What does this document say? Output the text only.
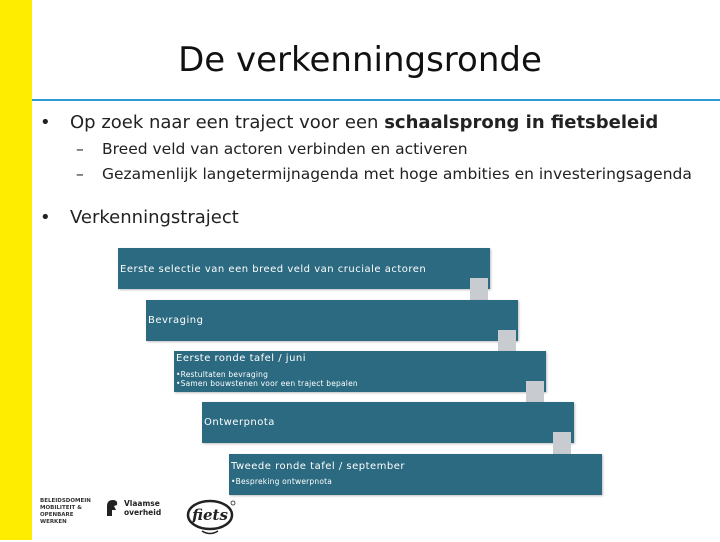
De verkenningsronde
• Op zoek naar een traject voor een schaalsprong in fietsbeleid
– Breed veld van actoren verbinden en activeren
– Gezamenlijk langetermijnagenda met hoge ambities en investeringsagenda
• Verkenningstraject
Eerste selectie van een breed veld van cruciale actoren
Bevraging
Eerste ronde tafel / juni
•Restultaten bevraging
•Samen bouwstenen voor een traject bepalen
Ontwerpnota
Tweede ronde tafel / september
•Bespreking ontwerpnota
BELEIDSDOMEIN
MOBILITEIT &
OPENBARE
WERKEN
Vlaamse
overheid fiets
